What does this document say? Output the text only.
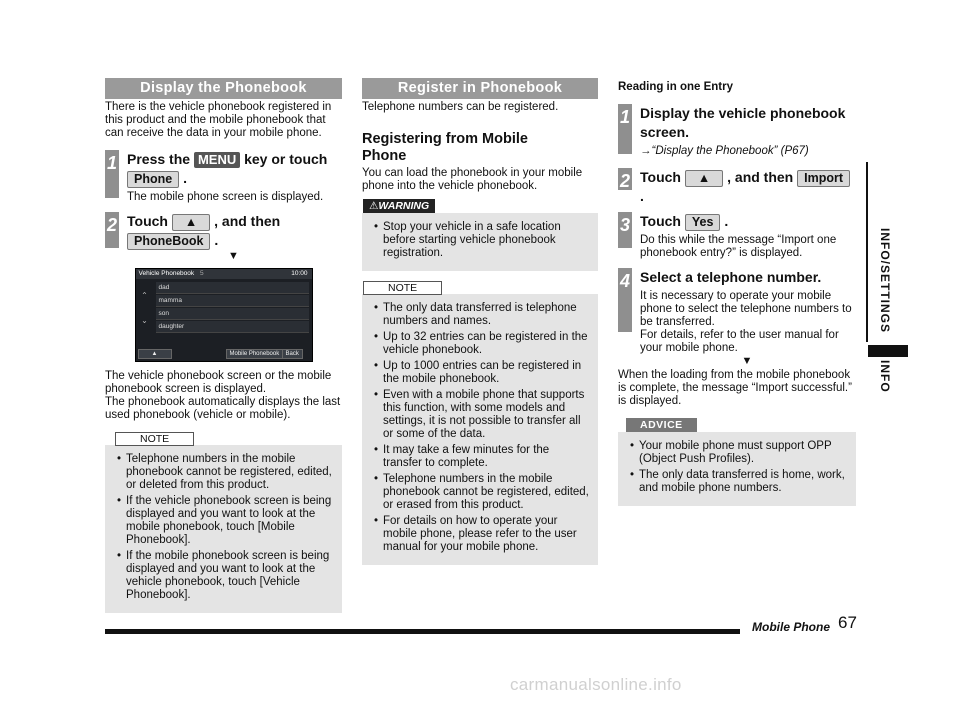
Display the Phonebook

There is the vehicle phonebook registered in this product and the mobile phonebook that can receive the data in your mobile phone.

1 Press the MENU key or touch
Phone .

The mobile phone screen is displayed.

2 Touch ▲ , and then
PhoneBook .
▼
Vehicle Phonebook 5	10:00
⌃
⌄
dad
mamma
son
daughter
▲	Mobile Phonebook	Back

The vehicle phonebook screen or the mobile phonebook screen is displayed.
The phonebook automatically displays the last used phonebook (vehicle or mobile).

NOTE
• Telephone numbers in the mobile phonebook cannot be registered, edited, or deleted from this product.
• If the vehicle phonebook screen is being displayed and you want to look at the mobile phonebook, touch [Mobile Phonebook].
• If the mobile phonebook screen is being displayed and you want to look at the vehicle phonebook, touch [Vehicle Phonebook].
Register in Phonebook

Telephone numbers can be registered.

Registering from Mobile Phone

You can load the phonebook in your mobile phone into the vehicle phonebook.

⚠WARNING
• Stop your vehicle in a safe location before starting vehicle phonebook registration.
NOTE
• The only data transferred is telephone numbers and names.
• Up to 32 entries can be registered in the vehicle phonebook.
• Up to 1000 entries can be registered in the mobile phonebook.
• Even with a mobile phone that supports this function, with some models and settings, it is not possible to transfer all or some of the data.
• It may take a few minutes for the transfer to complete.
• Telephone numbers in the mobile phonebook cannot be registered, edited, or erased from this product.
• For details on how to operate your mobile phone, please refer to the user manual for your mobile phone.
Reading in one Entry
1 Display the vehicle phonebook screen.

→“Display the Phonebook” (P67)

2 Touch ▲ , and then Import .
3 Touch Yes .

Do this while the message “Import one phonebook entry?” is displayed.

4 Select a telephone number.

It is necessary to operate your mobile phone to select the telephone numbers to be transferred.
For details, refer to the user manual for your mobile phone.

▼

When the loading from the mobile phonebook is complete, the message “Import successful.” is displayed.

ADVICE
• Your mobile phone must support OPP (Object Push Profiles).
• The only data transferred is home, work, and mobile phone numbers.
INFO/SETTINGS
INFO
Mobile Phone 67
carmanualsonline.info
